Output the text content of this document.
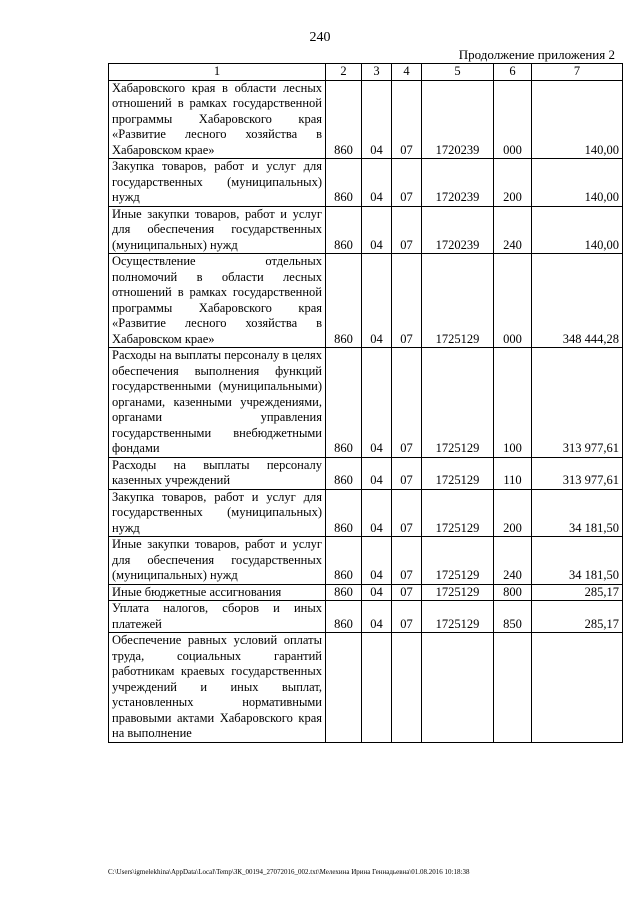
240
Продолжение приложения 2
1	2	3	4	5	6	7
Хабаровского края в области лесных отношений в рамках государственной программы Хабаровского края «Развитие лесного хозяйства в Хабаровском крае»	860	04	07	1720239	000	140,00
Закупка товаров, работ и услуг для государственных (муниципальных) нужд	860	04	07	1720239	200	140,00
Иные закупки товаров, работ и услуг для обеспечения государственных (муниципальных) нужд	860	04	07	1720239	240	140,00
Осуществление отдельных полномочий в области лесных отношений в рамках государственной программы Хабаровского края «Развитие лесного хозяйства в Хабаровском крае»	860	04	07	1725129	000	348 444,28
Расходы на выплаты персоналу в целях обеспечения выполнения функций государственными (муниципальными) органами, казенными учреждениями, органами управления государственными внебюджетными фондами	860	04	07	1725129	100	313 977,61
Расходы на выплаты персоналу казенных учреждений	860	04	07	1725129	110	313 977,61
Закупка товаров, работ и услуг для государственных (муниципальных) нужд	860	04	07	1725129	200	34 181,50
Иные закупки товаров, работ и услуг для обеспечения государственных (муниципальных) нужд	860	04	07	1725129	240	34 181,50
Иные бюджетные ассигнования	860	04	07	1725129	800	285,17
Уплата налогов, сборов и иных платежей	860	04	07	1725129	850	285,17
Обеспечение равных условий оплаты труда, социальных гарантий работникам краевых государственных учреждений и иных выплат, установленных нормативными правовыми актами Хабаровского края на выполнение						
C:\Users\igmelekhina\AppData\Local\Temp\ЗК_00194_27072016_002.txt\Мелехина Ирина Геннадьевна\01.08.2016 10:18:38
